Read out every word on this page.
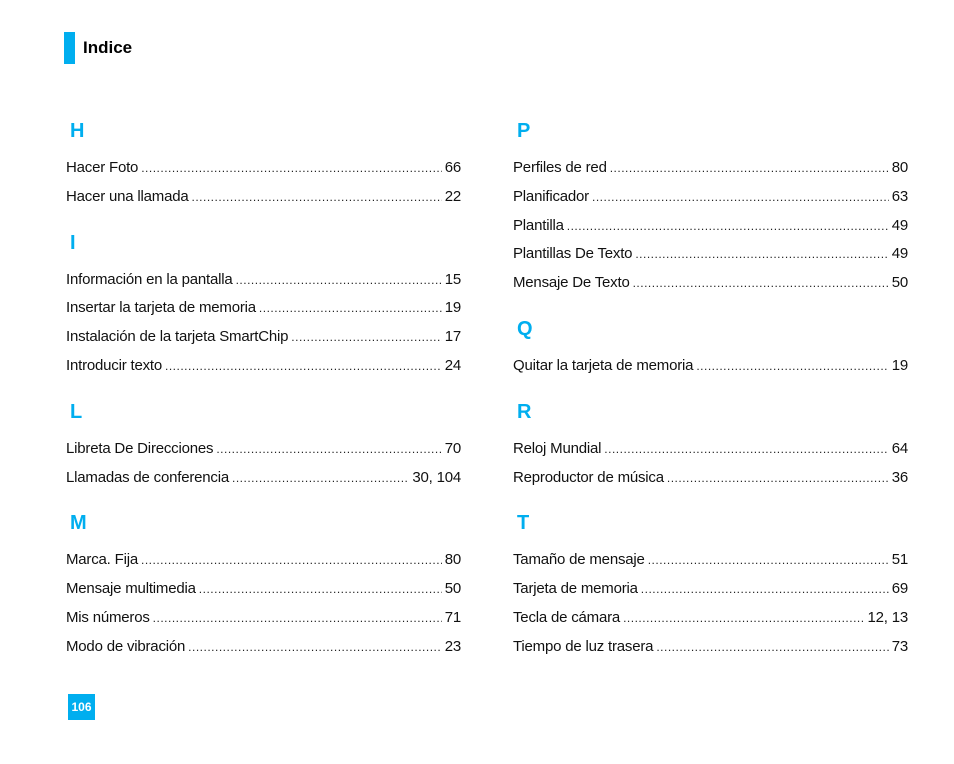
Indice
H
Hacer Foto .....	66
Hacer una llamada .....	22
I
Información en la pantalla .....	15
Insertar la tarjeta de memoria .....	19
Instalación de la tarjeta SmartChip .....	17
Introducir texto .....	24
L
Libreta De Direcciones .....	70
Llamadas de conferencia .....	30, 104
M
Marca. Fija .....	80
Mensaje multimedia .....	50
Mis números .....	71
Modo de vibración .....	23
P
Perfiles de red .....	80
Planificador .....	63
Plantilla .....	49
Plantillas De Texto .....	49
Mensaje De Texto .....	50
Q
Quitar la tarjeta de memoria .....	19
R
Reloj Mundial .....	64
Reproductor de música .....	36
T
Tamaño de mensaje .....	51
Tarjeta de memoria .....	69
Tecla de cámara .....	12, 13
Tiempo de luz trasera .....	73
106
